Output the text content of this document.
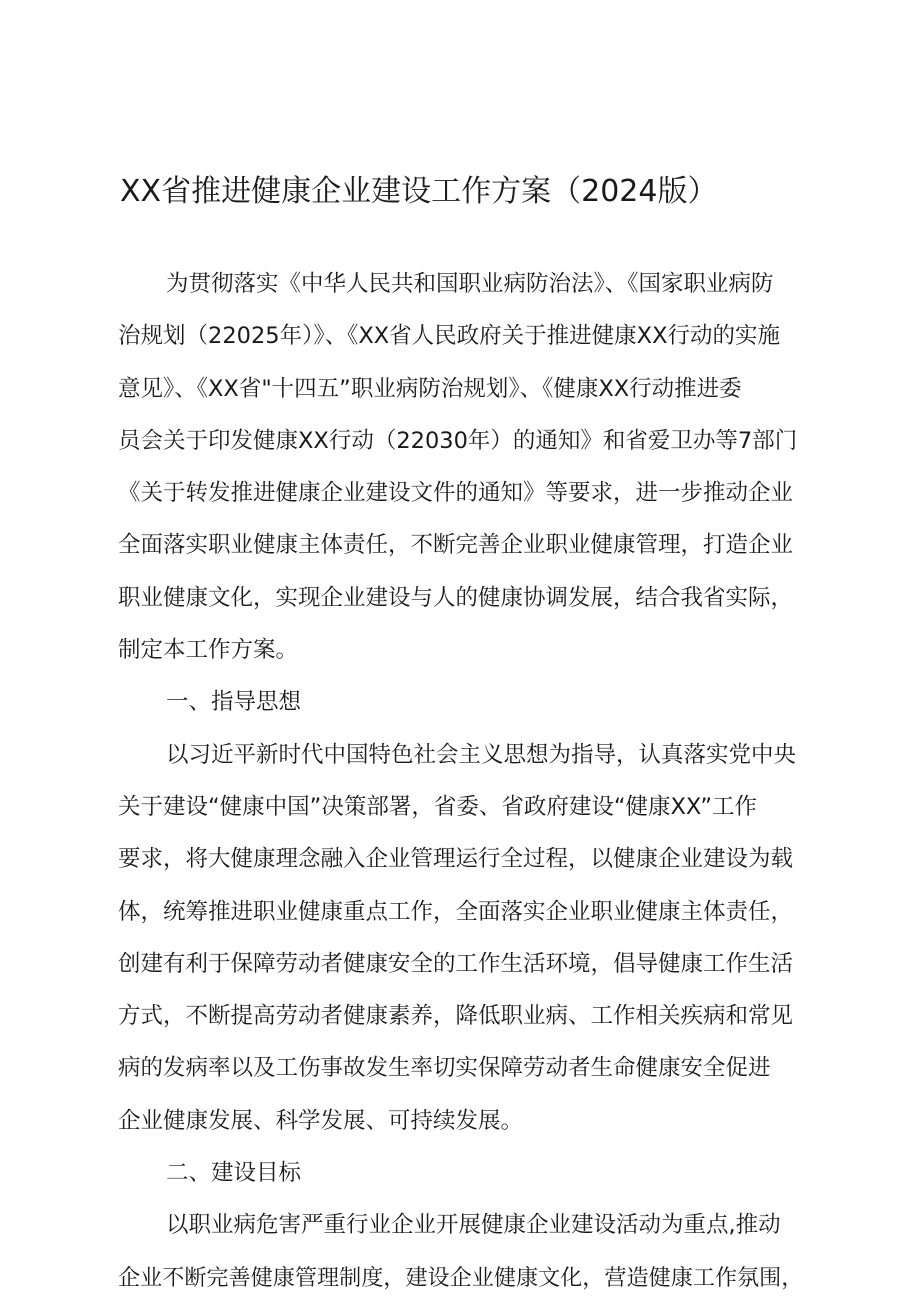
XX省推进健康企业建设工作方案（2024版）
为贯彻落实《中华人民共和国职业病防治法》、《国家职业病防
治规划（22025年）》、《XX省人民政府关于推进健康XX行动的实施
意见》、《XX省"十四五”职业病防治规划》、《健康XX行动推进委
员会关于印发健康XX行动（22030年）的通知》和省爱卫办等7部门
《关于转发推进健康企业建设文件的通知》等要求，进一步推动企业
全面落实职业健康主体责任，不断完善企业职业健康管理，打造企业
职业健康文化，实现企业建设与人的健康协调发展，结合我省实际，
制定本工作方案。
一、指导思想
以习近平新时代中国特色社会主义思想为指导，认真落实党中央
关于建设“健康中国”决策部署，省委、省政府建设“健康XX”工作
要求，将大健康理念融入企业管理运行全过程，以健康企业建设为载
体，统筹推进职业健康重点工作，全面落实企业职业健康主体责任，
创建有利于保障劳动者健康安全的工作生活环境，倡导健康工作生活
方式，不断提高劳动者健康素养，降低职业病、工作相关疾病和常见
病的发病率以及工伤事故发生率切实保障劳动者生命健康安全促进
企业健康发展、科学发展、可持续发展。
二、建设目标
以职业病危害严重行业企业开展健康企业建设活动为重点,推动
企业不断完善健康管理制度，建设企业健康文化，营造健康工作氛围，
